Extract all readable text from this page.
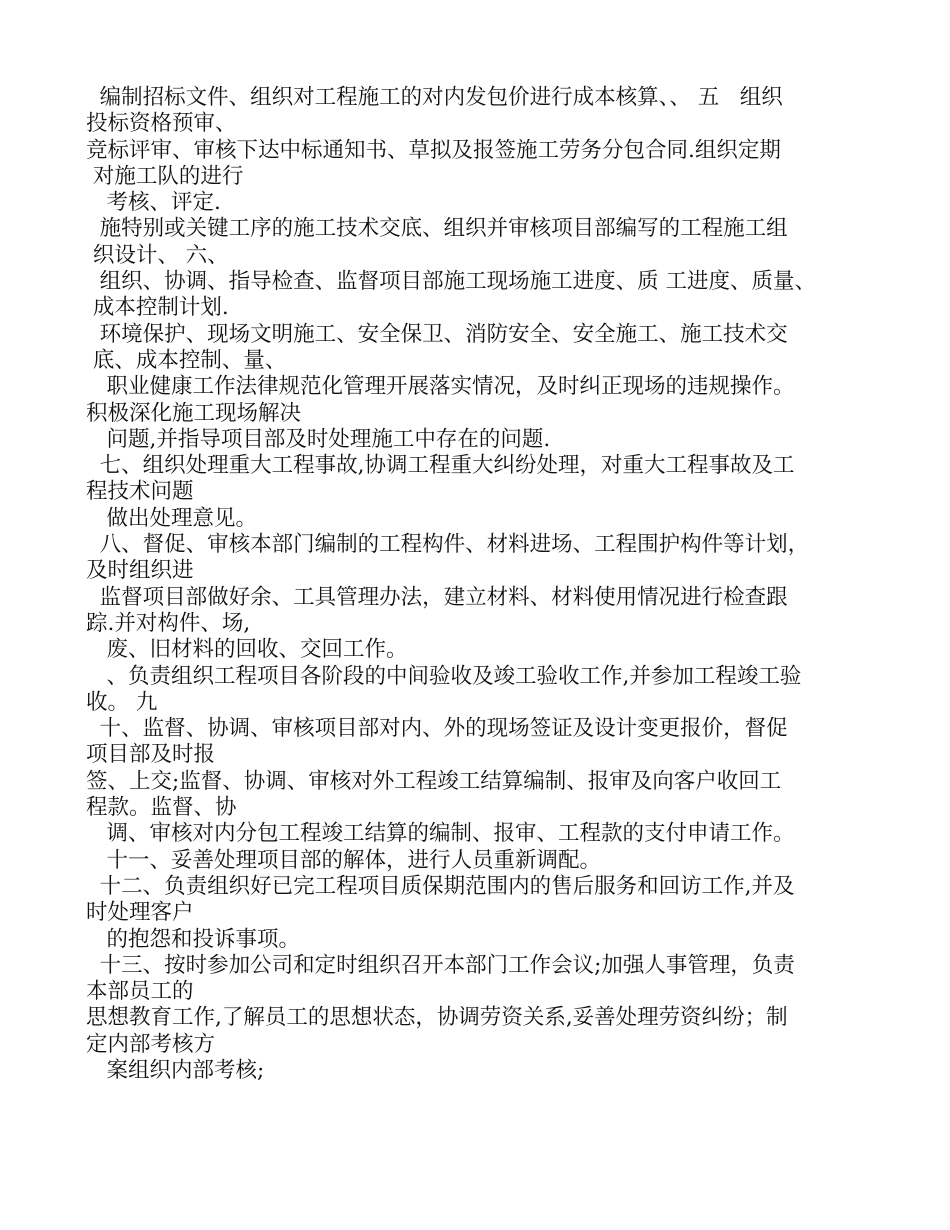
编制招标文件、组织对工程施工的对内发包价进行成本核算、、 五   组织
投标资格预审、
竞标评审、审核下达中标通知书、草拟及报签施工劳务分包合同.组织定期
对施工队的进行
考核、评定.
施特别或关键工序的施工技术交底、组织并审核项目部编写的工程施工组
织设计、 六、
组织、协调、指导检查、监督项目部施工现场施工进度、质 工进度、质量、
成本控制计划.
环境保护、现场文明施工、安全保卫、消防安全、安全施工、施工技术交
底、成本控制、量、
职业健康工作法律规范化管理开展落实情况，及时纠正现场的违规操作。
积极深化施工现场解决
问题,并指导项目部及时处理施工中存在的问题.
七、组织处理重大工程事故,协调工程重大纠纷处理，对重大工程事故及工
程技术问题
做出处理意见。
八、督促、审核本部门编制的工程构件、材料进场、工程围护构件等计划，
及时组织进
监督项目部做好余、工具管理办法，建立材料、材料使用情况进行检查跟
踪.并对构件、场,
废、旧材料的回收、交回工作。
、负责组织工程项目各阶段的中间验收及竣工验收工作,并参加工程竣工验
收。 九
十、监督、协调、审核项目部对内、外的现场签证及设计变更报价，督促
项目部及时报
签、上交;监督、协调、审核对外工程竣工结算编制、报审及向客户收回工
程款。监督、协
调、审核对内分包工程竣工结算的编制、报审、工程款的支付申请工作。
十一、妥善处理项目部的解体，进行人员重新调配。
十二、负责组织好已完工程项目质保期范围内的售后服务和回访工作,并及
时处理客户
的抱怨和投诉事项。
十三、按时参加公司和定时组织召开本部门工作会议;加强人事管理，负责
本部员工的
思想教育工作,了解员工的思想状态，协调劳资关系,妥善处理劳资纠纷；制
定内部考核方
案组织内部考核;
